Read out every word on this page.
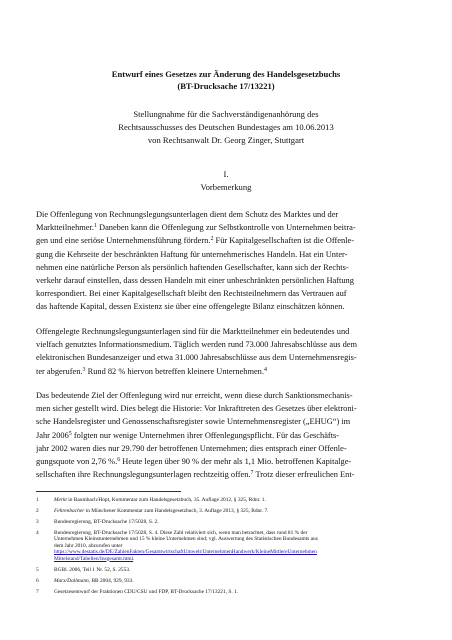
Entwurf eines Gesetzes zur Änderung des Handelsgesetzbuchs
(BT-Drucksache 17/13221)
Stellungnahme für die Sachverständigenanhörung des
Rechtsausschusses des Deutschen Bundestages am 10.06.2013
von Rechtsanwalt Dr. Georg Zinger, Stuttgart
I.
Vorbemerkung
Die Offenlegung von Rechnungslegungsunterlagen dient dem Schutz des Marktes und der
Marktteilnehmer.$^1$ Daneben kann die Offenlegung zur Selbstkontrolle von Unternehmen beitra-
gen und eine seriöse Unternehmensführung fördern.$^2$ Für Kapitalgesellschaften ist die Offenle-
gung die Kehrseite der beschränkten Haftung für unternehmerisches Handeln. Hat ein Unter-
nehmen eine natürliche Person als persönlich haftenden Gesellschafter, kann sich der Rechts-
verkehr darauf einstellen, dass dessen Handeln mit einer unbeschränkten persönlichen Haftung
korrespondiert. Bei einer Kapitalgesellschaft bleibt den Rechtsteilnehmern das Vertrauen auf
das haftende Kapital, dessen Existenz sie über eine offengelegte Bilanz einschätzen können.
Offengelegte Rechnungslegungsunterlagen sind für die Marktteilnehmer ein bedeutendes und
vielfach genutztes Informationsmedium. Täglich werden rund 73.000 Jahresabschlüsse aus dem
elektronischen Bundesanzeiger und etwa 31.000 Jahresabschlüsse aus dem Unternehmensregis-
ter abgerufen.$^3$ Rund 82 % hiervon betreffen kleinere Unternehmen.$^4$
Das bedeutende Ziel der Offenlegung wird nur erreicht, wenn diese durch Sanktionsmechanis-
men sicher gestellt wird. Dies belegt die Historie: Vor Inkrafttreten des Gesetzes über elektroni-
sche Handelsregister und Genossenschaftsregister sowie Unternehmensregister („EHUG“) im
Jahr 2006$^5$ folgten nur wenige Unternehmen ihrer Offenlegungspflicht. Für das Geschäfts-
jahr 2002 waren dies nur 29.790 der betroffenen Unternehmen; dies entsprach einer Offenle-
gungsquote von 2,76 %.$^6$ Heute legen über 90 % der mehr als 1,1 Mio. betroffenen Kapitalge-
sellschaften ihre Rechnungslegungsunterlagen rechtzeitig offen.$^7$ Trotz dieser erfreulichen Ent-
1	Merkt in Baumbach/Hopt, Kommentar zum Handelsgesetzbuch, 35. Auflage 2012, § 325, Rdnr. 1.
2	Fehrenbacher in Münchener Kommentar zum Handelsgesetzbuch, 3. Auflage 2013, § 325, Rdnr. 7.
3	Bundesregierung, BT-Drucksache 17/5028, S. 2.
4	Bundesregierung, BT-Drucksache 17/5028, S. 4. Diese Zahl relativiert sich, wenn man betrachtet, dass rund 81 % der
Unternehmen Kleinstunternehmen und 15 % kleine Unternehmen sind; vgl. Auswertung des Statistischen Bundesamts aus
dem Jahr 2010, abzurufen unter
https://www.destatis.de/DE/ZahlenFakten/GesamtwirtschaftUmwelt/UnternehmenHandwerk/KleineMittlereUnternehmen
Mittelstand/Tabellen/Insgesamt.html.
5	BGBl. 2006, Teil 1 Nr. 52, S. 2553.
6	Marx/Dallmann, BB 2004, 929, 933.
7	Gesetzesentwurf der Fraktionen CDU/CSU und FDP, BT-Drucksache 17/13221, S. 1.
